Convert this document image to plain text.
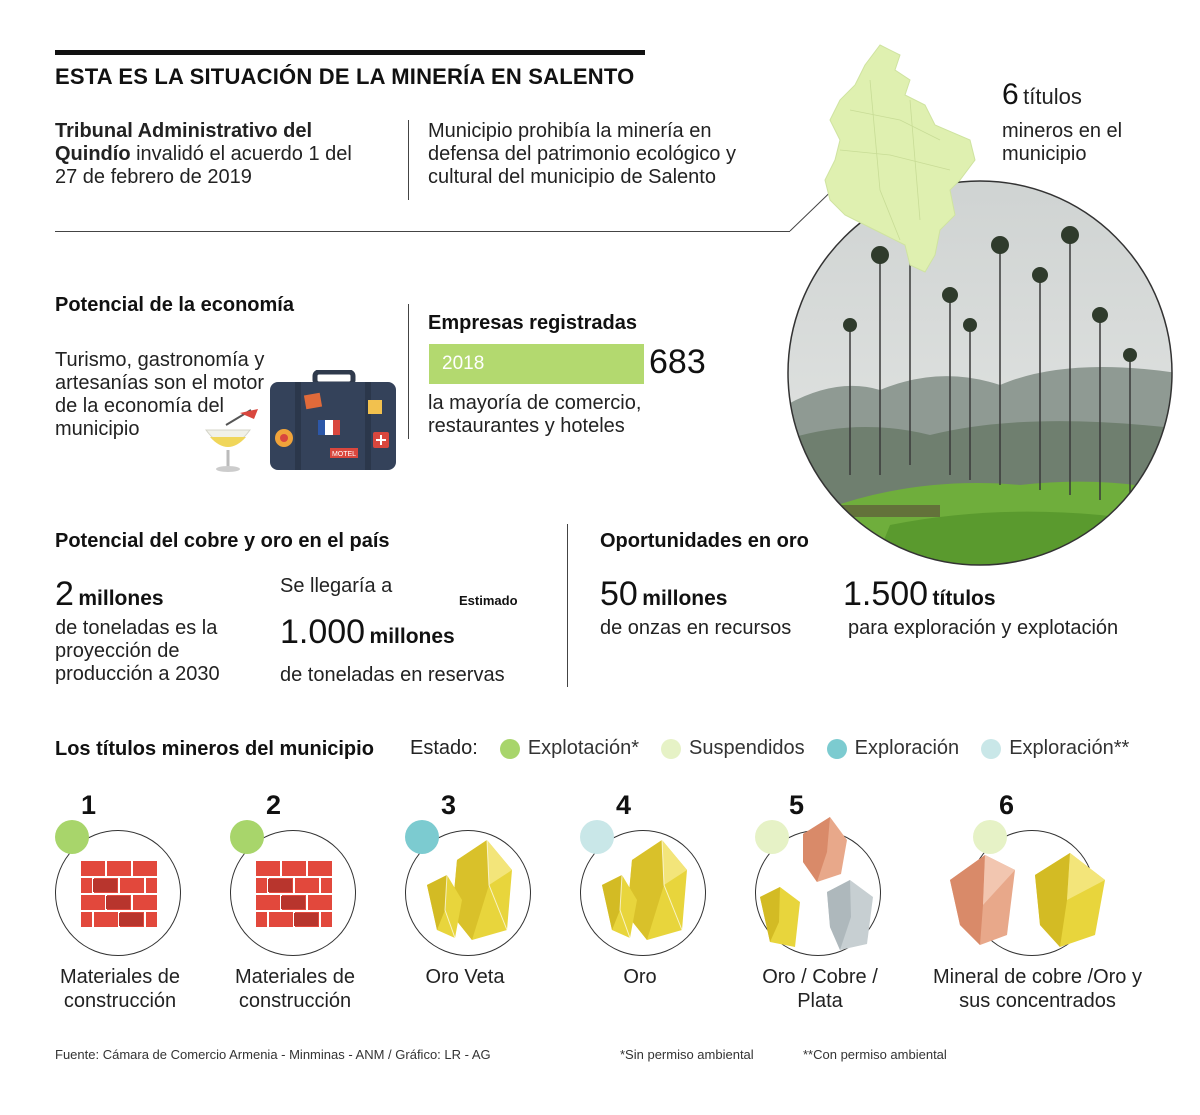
ESTA ES LA SITUACIÓN DE LA MINERÍA EN SALENTO
Tribunal Administrativo del Quindío invalidó el acuerdo 1 del 27 de febrero de 2019
Municipio prohibía la minería en defensa del patrimonio ecológico y cultural del municipio de Salento
6 títulos
mineros en el municipio
Potencial de la economía
Turismo, gastronomía y artesanías son el motor de la economía del municipio
MOTEL
Empresas registradas
2018	683
la mayoría de comercio, restaurantes y hoteles
Potencial del cobre y oro en el país
2 millones
de toneladas es la proyección de producción a 2030
Se llegaría a
Estimado
1.000 millones
de toneladas en reservas
Oportunidades en oro
50 millones
de onzas en recursos
1.500 títulos
para exploración y explotación
Los títulos mineros del municipio Estado:	Explotación*	Suspendidos	Exploración	Exploración**
1
Materiales de construcción
2
Materiales de construcción
3
Oro Veta
4
Oro
5
Oro / Cobre / Plata
6
Mineral de cobre /Oro y sus concentrados
Fuente: Cámara de Comercio Armenia - Minminas - ANM / Gráfico: LR - AG	*Sin permiso ambiental	**Con permiso ambiental
